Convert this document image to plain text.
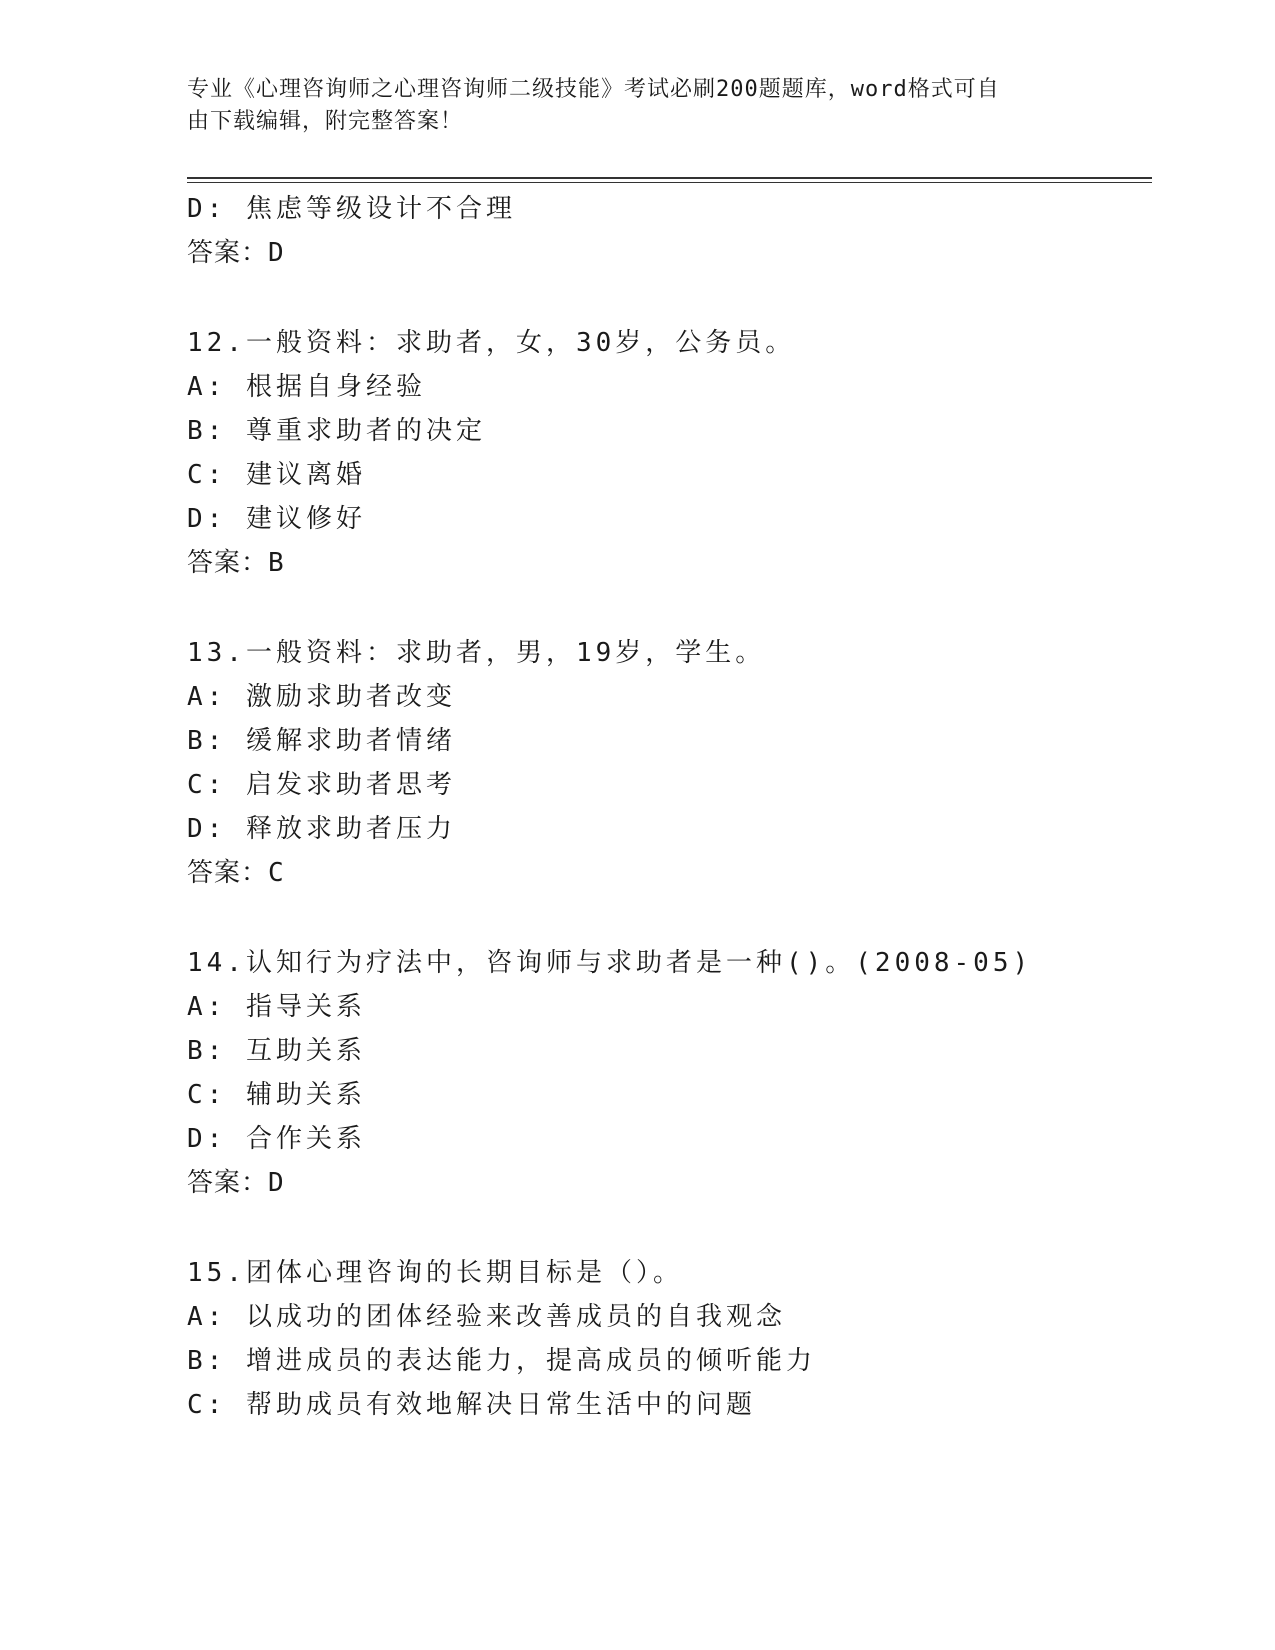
专业《心理咨询师之心理咨询师二级技能》考试必刷200题题库，word格式可自
由下载编辑，附完整答案！
D: 焦虑等级设计不合理
答案：D
12.一般资料：求助者，女，30岁，公务员。
A: 根据自身经验
B: 尊重求助者的决定
C: 建议离婚
D: 建议修好
答案：B
13.一般资料：求助者，男，19岁，学生。
A: 激励求助者改变
B: 缓解求助者情绪
C: 启发求助者思考
D: 释放求助者压力
答案：C
14.认知行为疗法中，咨询师与求助者是一种()。(2008-05)
A: 指导关系
B: 互助关系
C: 辅助关系
D: 合作关系
答案：D
15.团体心理咨询的长期目标是（）。
A: 以成功的团体经验来改善成员的自我观念
B: 增进成员的表达能力，提高成员的倾听能力
C: 帮助成员有效地解决日常生活中的问题
